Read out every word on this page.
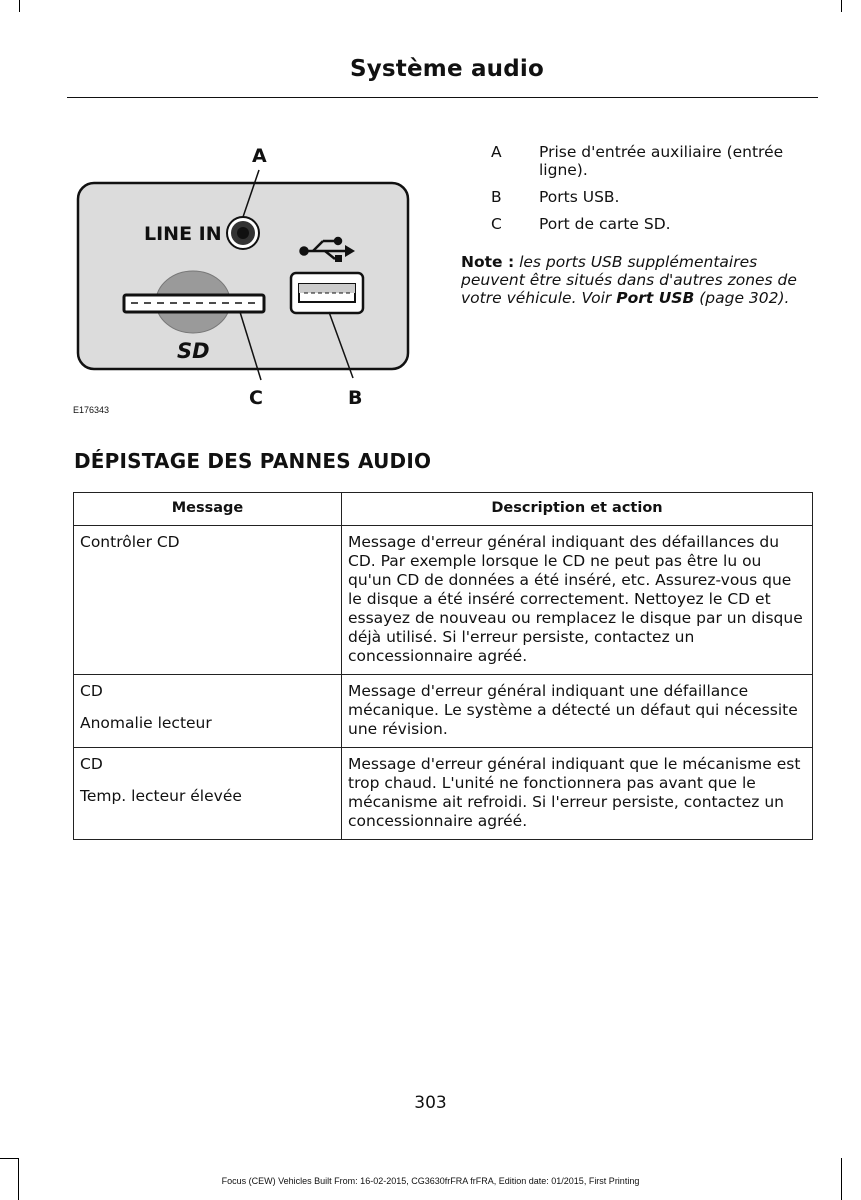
Système audio
LINE IN
A
B
C
SD
E176343
A Prise d'entrée auxiliaire (entrée ligne).
B Ports USB.
C Port de carte SD.
Note : les ports USB supplémentaires peuvent être situés dans d'autres zones de votre véhicule. Voir Port USB (page 302).
DÉPISTAGE DES PANNES AUDIO
Message	Description et action

Contrôler CD	Message d'erreur général indiquant des défaillances du CD. Par exemple lorsque le CD ne peut pas être lu ou qu'un CD de données a été inséré, etc. Assurez-vous que le disque a été inséré correctement. Nettoyez le CD et essayez de nouveau ou remplacez le disque par un disque déjà utilisé. Si l'erreur persiste, contactez un concessionnaire agréé.

CD
Anomalie lecteur	Message d'erreur général indiquant une défaillance mécanique. Le système a détecté un défaut qui nécessite une révision.

CD
Temp. lecteur élevée	Message d'erreur général indiquant que le mécanisme est trop chaud. L'unité ne fonctionnera pas avant que le mécanisme ait refroidi. Si l'erreur persiste, contactez un concessionnaire agréé.
303
Focus (CEW) Vehicles Built From: 16-02-2015, CG3630frFRA frFRA, Edition date: 01/2015, First Printing
